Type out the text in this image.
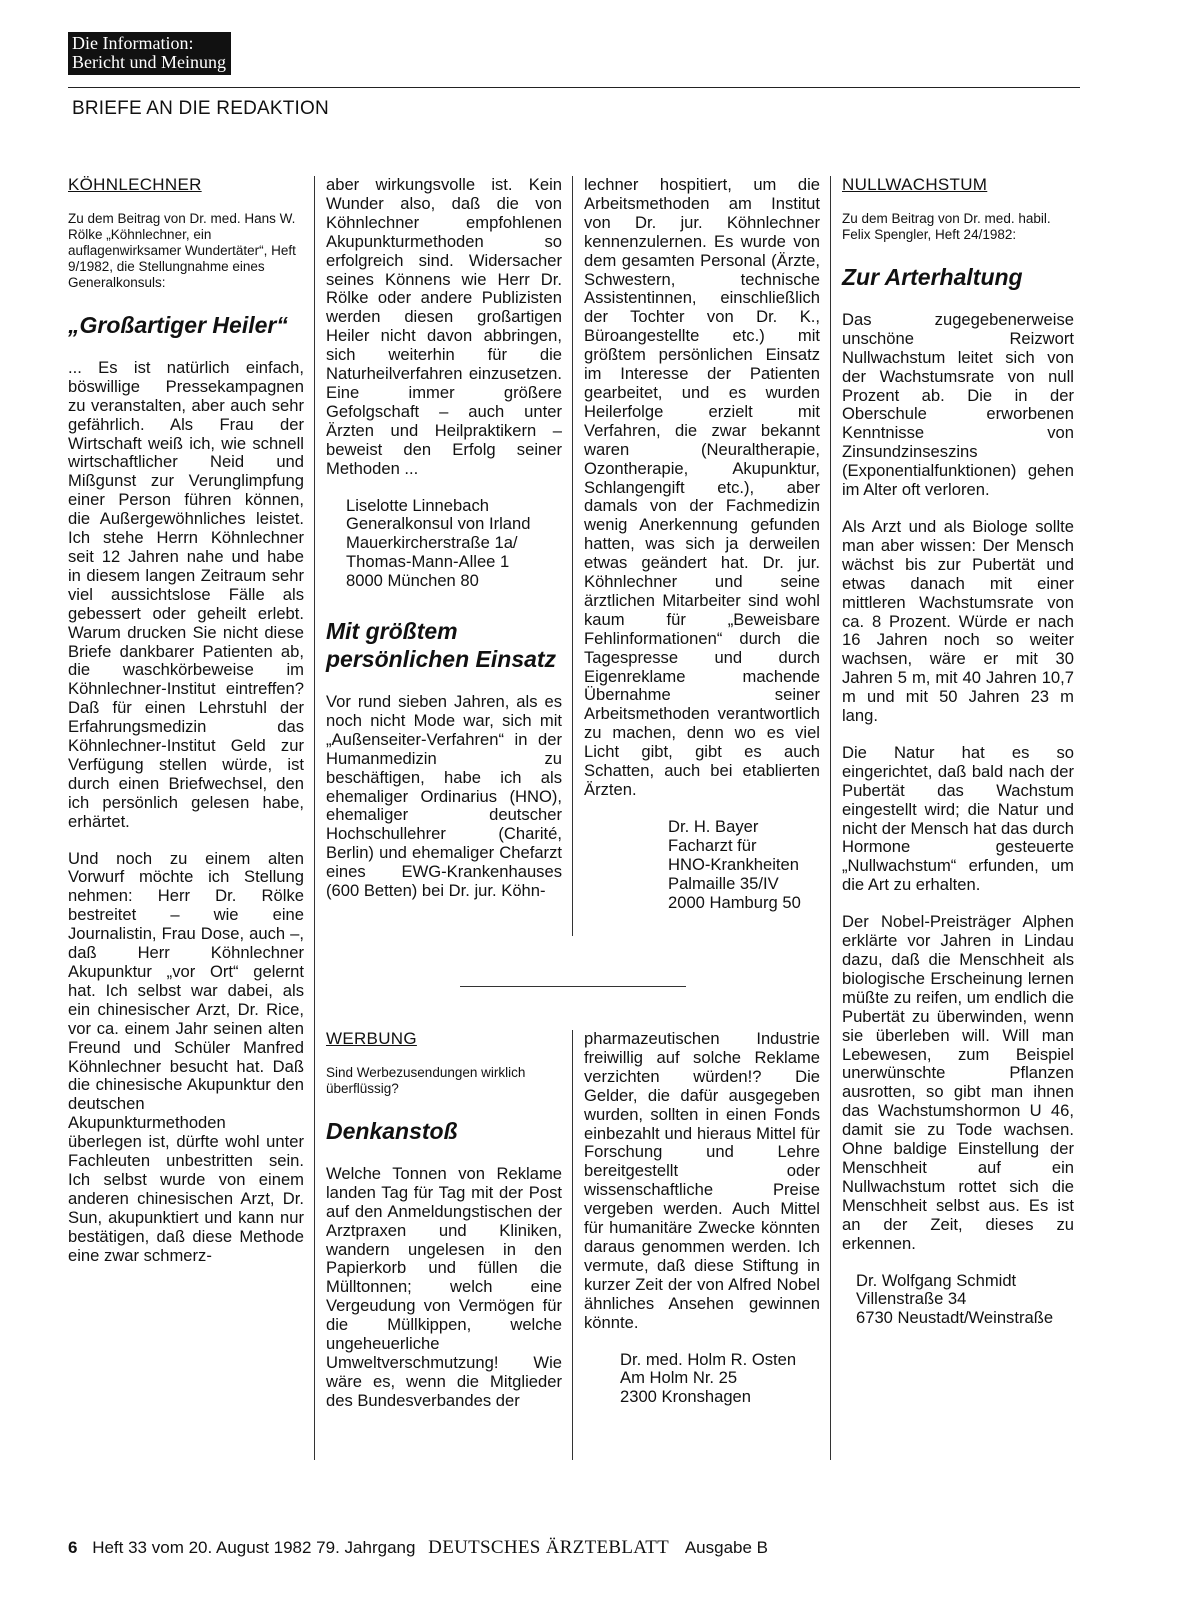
Die Information:
Bericht und Meinung
BRIEFE AN DIE REDAKTION
KÖHNLECHNER
Zu dem Beitrag von Dr. med. Hans W. Rölke „Köhnlechner, ein auflagenwirksamer Wundertäter“, Heft 9/1982, die Stellungnahme eines Generalkonsuls:
„Großartiger Heiler“

... Es ist natürlich einfach, böswillige Pressekampagnen zu veranstalten, aber auch sehr gefährlich. Als Frau der Wirtschaft weiß ich, wie schnell wirtschaftlicher Neid und Mißgunst zur Verunglimpfung einer Person führen können, die Außergewöhnliches leistet. Ich stehe Herrn Köhnlechner seit 12 Jahren nahe und habe in diesem langen Zeitraum sehr viel aussichtslose Fälle als gebessert oder geheilt erlebt. Warum drucken Sie nicht diese Briefe dankbarer Patienten ab, die waschkörbeweise im Köhnlechner-Institut eintreffen? Daß für einen Lehrstuhl der Erfahrungsmedizin das Köhnlechner-Institut Geld zur Verfügung stellen würde, ist durch einen Briefwechsel, den ich persönlich gelesen habe, erhärtet.

Und noch zu einem alten Vorwurf möchte ich Stellung nehmen: Herr Dr. Rölke bestreitet – wie eine Journalistin, Frau Dose, auch –, daß Herr Köhnlechner Akupunktur „vor Ort“ gelernt hat. Ich selbst war dabei, als ein chinesischer Arzt, Dr. Rice, vor ca. einem Jahr seinen alten Freund und Schüler Manfred Köhnlechner besucht hat. Daß die chinesische Akupunktur den deutschen Akupunkturmethoden überlegen ist, dürfte wohl unter Fachleuten unbestritten sein. Ich selbst wurde von einem anderen chinesischen Arzt, Dr. Sun, akupunktiert und kann nur bestätigen, daß diese Methode eine zwar schmerz-

aber wirkungsvolle ist. Kein Wunder also, daß die von Köhnlechner empfohlenen Akupunkturmethoden so erfolgreich sind. Widersacher seines Könnens wie Herr Dr. Rölke oder andere Publizisten werden diesen großartigen Heiler nicht davon abbringen, sich weiterhin für die Naturheilverfahren einzusetzen. Eine immer größere Gefolgschaft – auch unter Ärzten und Heilpraktikern – beweist den Erfolg seiner Methoden ...

Liselotte Linnebach
Generalkonsul von Irland
Mauerkircherstraße 1a/
Thomas-Mann-Allee 1
8000 München 80
Mit größtem persönlichen Einsatz

Vor rund sieben Jahren, als es noch nicht Mode war, sich mit „Außenseiter-Verfahren“ in der Humanmedizin zu beschäftigen, habe ich als ehemaliger Ordinarius (HNO), ehemaliger deutscher Hochschullehrer (Charité, Berlin) und ehemaliger Chefarzt eines EWG-Krankenhauses (600 Betten) bei Dr. jur. Köhn-

lechner hospitiert, um die Arbeitsmethoden am Institut von Dr. jur. Köhnlechner kennenzulernen. Es wurde von dem gesamten Personal (Ärzte, Schwestern, technische Assistentinnen, einschließlich der Tochter von Dr. K., Büroangestellte etc.) mit größtem persönlichen Einsatz im Interesse der Patienten gearbeitet, und es wurden Heilerfolge erzielt mit Verfahren, die zwar bekannt waren (Neuraltherapie, Ozontherapie, Akupunktur, Schlangengift etc.), aber damals von der Fachmedizin wenig Anerkennung gefunden hatten, was sich ja derweilen etwas geändert hat. Dr. jur. Köhnlechner und seine ärztlichen Mitarbeiter sind wohl kaum für „Beweisbare Fehlinformationen“ durch die Tagespresse und durch Eigenreklame machende Übernahme seiner Arbeitsmethoden verantwortlich zu machen, denn wo es viel Licht gibt, gibt es auch Schatten, auch bei etablierten Ärzten.

Dr. H. Bayer
Facharzt für
HNO-Krankheiten
Palmaille 35/IV
2000 Hamburg 50
NULLWACHSTUM
Zu dem Beitrag von Dr. med. habil. Felix Spengler, Heft 24/1982:
Zur Arterhaltung

Das zugegebenerweise unschöne Reizwort Nullwachstum leitet sich von der Wachstumsrate von null Prozent ab. Die in der Oberschule erworbenen Kenntnisse von Zinsundzinseszins (Exponentialfunktionen) gehen im Alter oft verloren.

Als Arzt und als Biologe sollte man aber wissen: Der Mensch wächst bis zur Pubertät und etwas danach mit einer mittleren Wachstumsrate von ca. 8 Prozent. Würde er nach 16 Jahren noch so weiter wachsen, wäre er mit 30 Jahren 5 m, mit 40 Jahren 10,7 m und mit 50 Jahren 23 m lang.

Die Natur hat es so eingerichtet, daß bald nach der Pubertät das Wachstum eingestellt wird; die Natur und nicht der Mensch hat das durch Hormone gesteuerte „Nullwachstum“ erfunden, um die Art zu erhalten.

Der Nobel-Preisträger Alphen erklärte vor Jahren in Lindau dazu, daß die Menschheit als biologische Erscheinung lernen müßte zu reifen, um endlich die Pubertät zu überwinden, wenn sie überleben will. Will man Lebewesen, zum Beispiel unerwünschte Pflanzen ausrotten, so gibt man ihnen das Wachstumshormon U 46, damit sie zu Tode wachsen. Ohne baldige Einstellung der Menschheit auf ein Nullwachstum rottet sich die Menschheit selbst aus. Es ist an der Zeit, dieses zu erkennen.

Dr. Wolfgang Schmidt
Villenstraße 34
6730 Neustadt/Weinstraße
WERBUNG
Sind Werbezusendungen wirklich überflüssig?
Denkanstoß

Welche Tonnen von Reklame landen Tag für Tag mit der Post auf den Anmeldungstischen der Arztpraxen und Kliniken, wandern ungelesen in den Papierkorb und füllen die Mülltonnen; welch eine Vergeudung von Vermögen für die Müllkippen, welche ungeheuerliche Umweltverschmutzung! Wie wäre es, wenn die Mitglieder des Bundesverbandes der

pharmazeutischen Industrie freiwillig auf solche Reklame verzichten würden!? Die Gelder, die dafür ausgegeben wurden, sollten in einen Fonds einbezahlt und hieraus Mittel für Forschung und Lehre bereitgestellt oder wissenschaftliche Preise vergeben werden. Auch Mittel für humanitäre Zwecke könnten daraus genommen werden. Ich vermute, daß diese Stiftung in kurzer Zeit der von Alfred Nobel ähnliches Ansehen gewinnen könnte.

Dr. med. Holm R. Osten
Am Holm Nr. 25
2300 Kronshagen
6 Heft 33 vom 20. August 1982 79. Jahrgang DEUTSCHES ÄRZTEBLATT Ausgabe B
